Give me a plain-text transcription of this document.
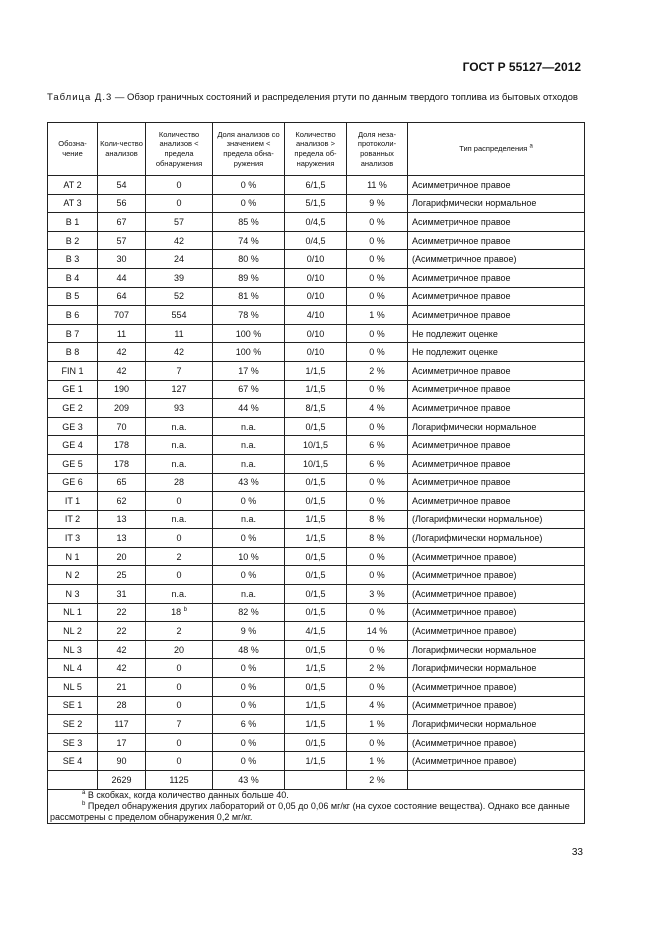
ГОСТ Р 55127—2012
Таблица Д.3 — Обзор граничных состояний и распределения ртути по данным твердого топлива из бытовых отходов
Обозна-чение	Коли-чество анализов	Количество анализов < предела обнаружения	Доля анализов со значением < предела обна-ружения	Количество анализов > предела об-наружения	Доля неза-протоколи-рованных анализов	Тип распределения $^a$
AT 2	54	0	0 %	6/1,5	11 %	Асимметричное правое
AT 3	56	0	0 %	5/1,5	9 %	Логарифмически нормальное
B 1	67	57	85 %	0/4,5	0 %	Асимметричное правое
B 2	57	42	74 %	0/4,5	0 %	Асимметричное правое
B 3	30	24	80 %	0/10	0 %	(Асимметричное правое)
B 4	44	39	89 %	0/10	0 %	Асимметричное правое
B 5	64	52	81 %	0/10	0 %	Асимметричное правое
B 6	707	554	78 %	4/10	1 %	Асимметричное правое
B 7	11	11	100 %	0/10	0 %	Не подлежит оценке
B 8	42	42	100 %	0/10	0 %	Не подлежит оценке
FIN 1	42	7	17 %	1/1,5	2 %	Асимметричное правое
GE 1	190	127	67 %	1/1,5	0 %	Асимметричное правое
GE 2	209	93	44 %	8/1,5	4 %	Асимметричное правое
GE 3	70	n.a.	n.a.	0/1,5	0 %	Логарифмически нормальное
GE 4	178	n.a.	n.a.	10/1,5	6 %	Асимметричное правое
GE 5	178	n.a.	n.a.	10/1,5	6 %	Асимметричное правое
GE 6	65	28	43 %	0/1,5	0 %	Асимметричное правое
IT 1	62	0	0 %	0/1,5	0 %	Асимметричное правое
IT 2	13	n.a.	n.a.	1/1,5	8 %	(Логарифмически нормальное)
IT 3	13	0	0 %	1/1,5	8 %	(Логарифмически нормальное)
N 1	20	2	10 %	0/1,5	0 %	(Асимметричное правое)
N 2	25	0	0 %	0/1,5	0 %	(Асимметричное правое)
N 3	31	n.a.	n.a.	0/1,5	3 %	(Асимметричное правое)
NL 1	22	18 $^b$	82 %	0/1,5	0 %	(Асимметричное правое)
NL 2	22	2	9 %	4/1,5	14 %	(Асимметричное правое)
NL 3	42	20	48 %	0/1,5	0 %	Логарифмически нормальное
NL 4	42	0	0 %	1/1,5	2 %	Логарифмически нормальное
NL 5	21	0	0 %	0/1,5	0 %	(Асимметричное правое)
SE 1	28	0	0 %	1/1,5	4 %	(Асимметричное правое)
SE 2	117	7	6 %	1/1,5	1 %	Логарифмически нормальное
SE 3	17	0	0 %	0/1,5	0 %	(Асимметричное правое)
SE 4	90	0	0 %	1/1,5	1 %	(Асимметричное правое)
	2629	1125	43 %		2 %	

$^a$ В скобках, когда количество данных больше 40.
$^b$ Предел обнаружения других лабораторий от 0,05 до 0,06 мг/кг (на сухое состояние вещества). Однако все данные рассмотрены с пределом обнаружения 0,2 мг/кг.						
33
